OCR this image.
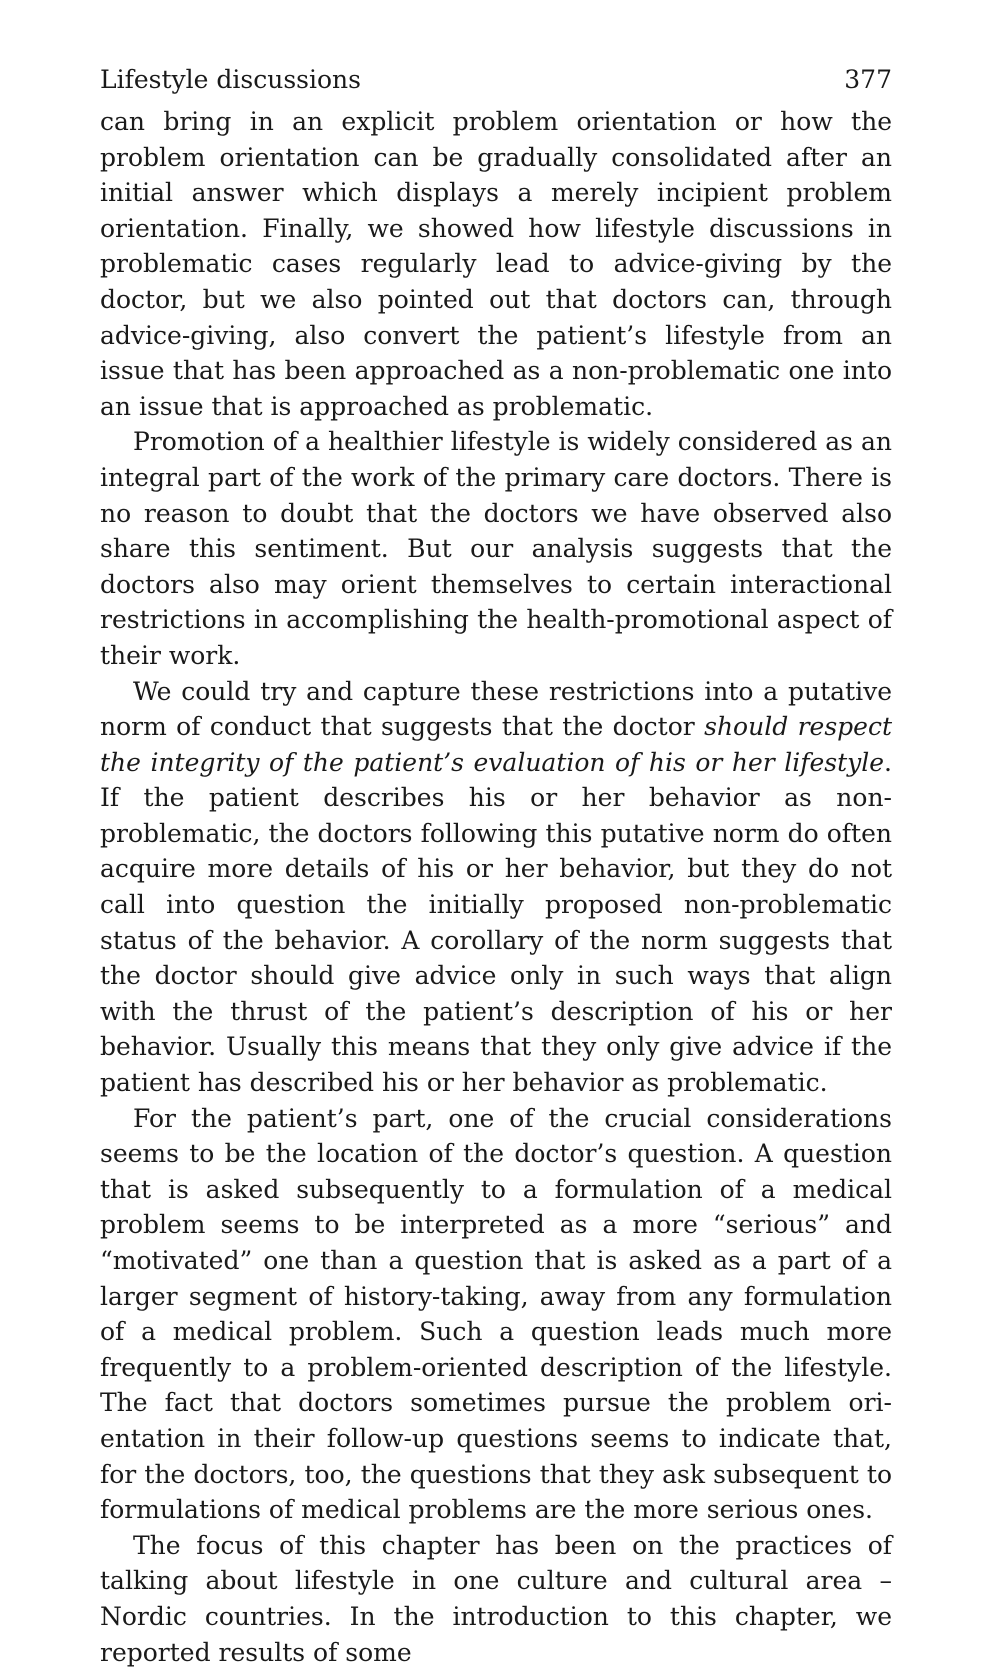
Lifestyle discussions	377

can bring in an explicit problem orientation or how the problem orientation can be gradually consolidated after an initial answer which displays a merely incipient problem orientation. Finally, we showed how lifestyle discussions in problematic cases regularly lead to advice-giving by the doctor, but we also pointed out that doctors can, through advice-giving, also convert the patient’s lifestyle from an issue that has been approached as a non-problematic one into an issue that is approached as problematic.

Promotion of a healthier lifestyle is widely considered as an integral part of the work of the primary care doctors. There is no reason to doubt that the doctors we have observed also share this sentiment. But our analysis suggests that the doctors also may orient themselves to certain interactional restrictions in accomplishing the health-promotional aspect of their work.

We could try and capture these restrictions into a putative norm of conduct that suggests that the doctor should respect the integrity of the patient’s evaluation of his or her lifestyle. If the patient describes his or her behavior as non-problematic, the doctors following this putative norm do often acquire more details of his or her behavior, but they do not call into question the initially proposed non-problematic status of the behavior. A corollary of the norm suggests that the doctor should give advice only in such ways that align with the thrust of the patient’s description of his or her behavior. Usually this means that they only give advice if the patient has described his or her behavior as problematic.

For the patient’s part, one of the crucial considerations seems to be the location of the doctor’s question. A question that is asked subsequently to a formulation of a medical problem seems to be interpreted as a more “serious” and “motivated” one than a question that is asked as a part of a larger segment of history-taking, away from any formulation of a medical problem. Such a question leads much more frequently to a problem-oriented description of the lifestyle. The fact that doctors sometimes pursue the problem orientation in their follow-up questions seems to indicate that, for the doctors, too, the questions that they ask subsequent to formulations of medical problems are the more serious ones.

The focus of this chapter has been on the practices of talking about lifestyle in one culture and cultural area – Nordic countries. In the introduction to this chapter, we reported results of some
